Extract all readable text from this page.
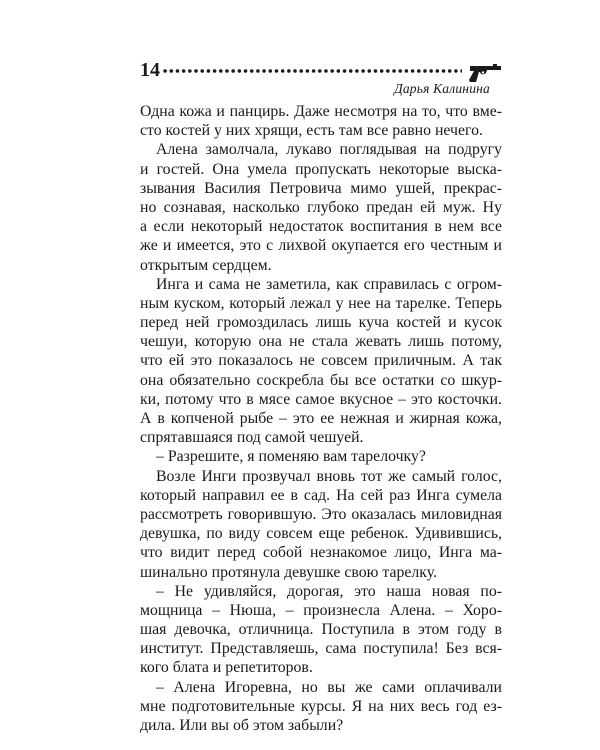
14
Дарья Калинина
Одна кожа и панцирь. Даже несмотря на то, что вме-
сто костей у них хрящи, есть там все равно нечего.
Алена замолчала, лукаво поглядывая на подругу
и гостей. Она умела пропускать некоторые выска-
зывания Василия Петровича мимо ушей, прекрас-
но сознавая, насколько глубоко предан ей муж. Ну
а если некоторый недостаток воспитания в нем все
же и имеется, это с лихвой окупается его честным и
открытым сердцем.
Инга и сама не заметила, как справилась с огром-
ным куском, который лежал у нее на тарелке. Теперь
перед ней громоздилась лишь куча костей и кусок
чешуи, которую она не стала жевать лишь потому,
что ей это показалось не совсем приличным. А так
она обязательно соскребла бы все остатки со шкур-
ки, потому что в мясе самое вкусное – это косточки.
А в копченой рыбе – это ее нежная и жирная кожа,
спрятавшаяся под самой чешуей.
– Разрешите, я поменяю вам тарелочку?
Возле Инги прозвучал вновь тот же самый голос,
который направил ее в сад. На сей раз Инга сумела
рассмотреть говорившую. Это оказалась миловидная
девушка, по виду совсем еще ребенок. Удивившись,
что видит перед собой незнакомое лицо, Инга ма-
шинально протянула девушке свою тарелку.
– Не удивляйся, дорогая, это наша новая по-
мощница – Нюша, – произнесла Алена. – Хоро-
шая девочка, отличница. Поступила в этом году в
институт. Представляешь, сама поступила! Без вся-
кого блата и репетиторов.
– Алена Игоревна, но вы же сами оплачивали
мне подготовительные курсы. Я на них весь год ез-
дила. Или вы об этом забыли?
